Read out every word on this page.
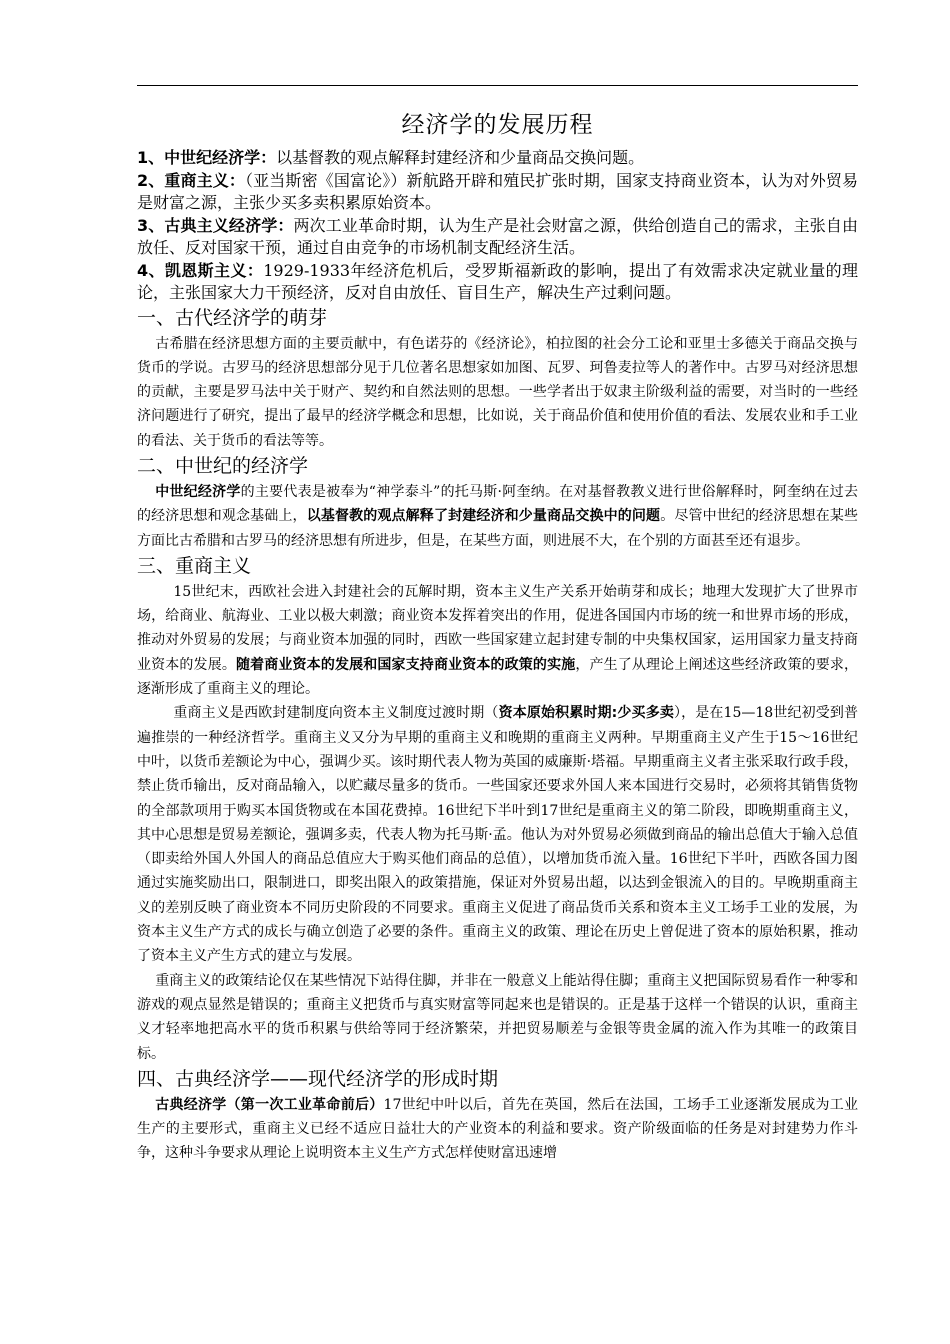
经济学的发展历程

1、中世纪经济学：以基督教的观点解释封建经济和少量商品交换问题。

2、重商主义：（亚当斯密《国富论》）新航路开辟和殖民扩张时期，国家支持商业资本，认为对外贸易是财富之源，主张少买多卖积累原始资本。

3、古典主义经济学：两次工业革命时期，认为生产是社会财富之源，供给创造自己的需求，主张自由放任、反对国家干预，通过自由竞争的市场机制支配经济生活。

4、凯恩斯主义：1929-1933年经济危机后，受罗斯福新政的影响，提出了有效需求决定就业量的理论，主张国家大力干预经济，反对自由放任、盲目生产，解决生产过剩问题。

一、古代经济学的萌芽

古希腊在经济思想方面的主要贡献中，有色诺芬的《经济论》，柏拉图的社会分工论和亚里士多德关于商品交换与货币的学说。古罗马的经济思想部分见于几位著名思想家如加图、瓦罗、珂鲁麦拉等人的著作中。古罗马对经济思想的贡献，主要是罗马法中关于财产、契约和自然法则的思想。一些学者出于奴隶主阶级利益的需要，对当时的一些经济问题进行了研究，提出了最早的经济学概念和思想，比如说，关于商品价值和使用价值的看法、发展农业和手工业的看法、关于货币的看法等等。

二、中世纪的经济学

中世纪经济学的主要代表是被奉为“神学泰斗”的托马斯·阿奎纳。在对基督教教义进行世俗解释时，阿奎纳在过去的经济思想和观念基础上，以基督教的观点解释了封建经济和少量商品交换中的问题。尽管中世纪的经济思想在某些方面比古希腊和古罗马的经济思想有所进步，但是，在某些方面，则进展不大，在个别的方面甚至还有退步。

三、重商主义

15世纪末，西欧社会进入封建社会的瓦解时期，资本主义生产关系开始萌芽和成长；地理大发现扩大了世界市场，给商业、航海业、工业以极大刺激；商业资本发挥着突出的作用，促进各国国内市场的统一和世界市场的形成，推动对外贸易的发展；与商业资本加强的同时，西欧一些国家建立起封建专制的中央集权国家，运用国家力量支持商业资本的发展。随着商业资本的发展和国家支持商业资本的政策的实施，产生了从理论上阐述这些经济政策的要求，逐渐形成了重商主义的理论。

重商主义是西欧封建制度向资本主义制度过渡时期（资本原始积累时期:少买多卖），是在15—18世纪初受到普遍推崇的一种经济哲学。重商主义又分为早期的重商主义和晚期的重商主义两种。早期重商主义产生于15～16世纪中叶，以货币差额论为中心，强调少买。该时期代表人物为英国的威廉斯·塔福。早期重商主义者主张采取行政手段，禁止货币输出，反对商品输入，以贮藏尽量多的货币。一些国家还要求外国人来本国进行交易时，必须将其销售货物的全部款项用于购买本国货物或在本国花费掉。16世纪下半叶到17世纪是重商主义的第二阶段，即晚期重商主义，其中心思想是贸易差额论，强调多卖，代表人物为托马斯·孟。他认为对外贸易必须做到商品的输出总值大于输入总值（即卖给外国人外国人的商品总值应大于购买他们商品的总值），以增加货币流入量。16世纪下半叶，西欧各国力图通过实施奖励出口，限制进口，即奖出限入的政策措施，保证对外贸易出超，以达到金银流入的目的。早晚期重商主义的差别反映了商业资本不同历史阶段的不同要求。重商主义促进了商品货币关系和资本主义工场手工业的发展，为资本主义生产方式的成长与确立创造了必要的条件。重商主义的政策、理论在历史上曾促进了资本的原始积累，推动了资本主义产生方式的建立与发展。

重商主义的政策结论仅在某些情况下站得住脚，并非在一般意义上能站得住脚；重商主义把国际贸易看作一种零和游戏的观点显然是错误的；重商主义把货币与真实财富等同起来也是错误的。正是基于这样一个错误的认识，重商主义才轻率地把高水平的货币积累与供给等同于经济繁荣，并把贸易顺差与金银等贵金属的流入作为其唯一的政策目标。

四、古典经济学——现代经济学的形成时期

古典经济学（第一次工业革命前后）17世纪中叶以后，首先在英国，然后在法国，工场手工业逐渐发展成为工业生产的主要形式，重商主义已经不适应日益壮大的产业资本的利益和要求。资产阶级面临的任务是对封建势力作斗争，这种斗争要求从理论上说明资本主义生产方式怎样使财富迅速增
